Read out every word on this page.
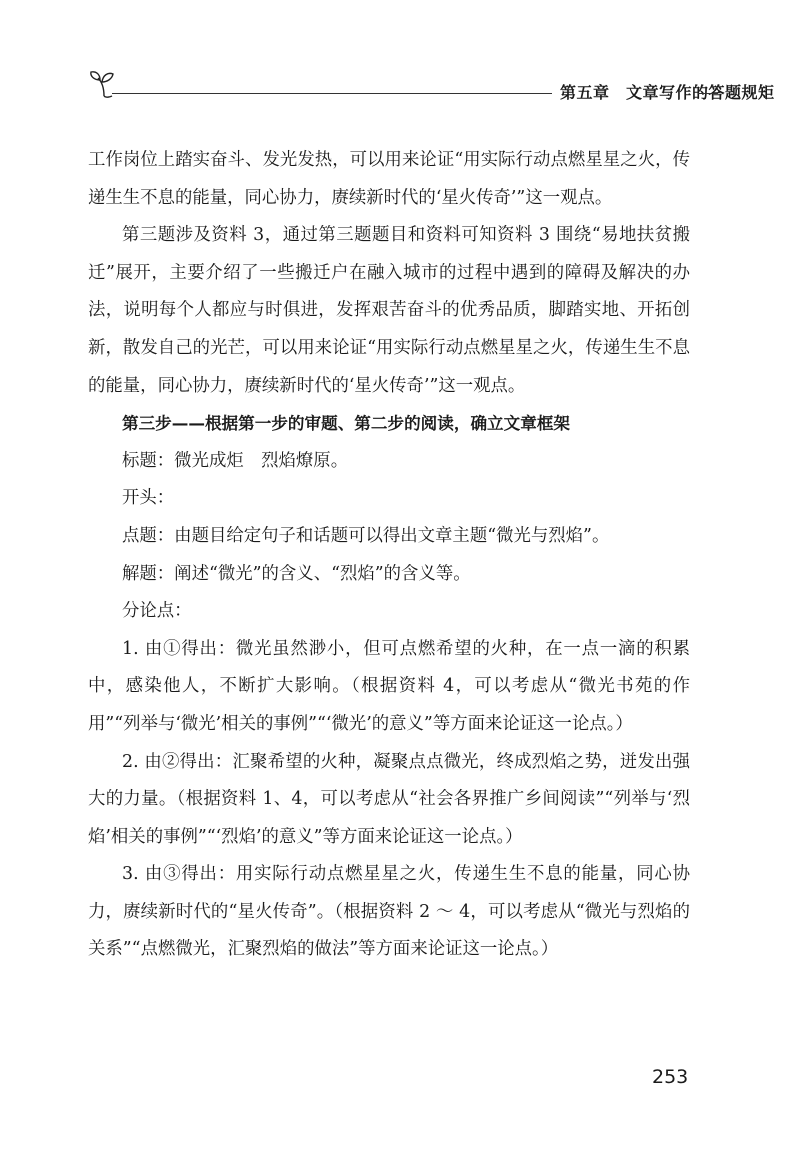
第五章　文章写作的答题规矩

工作岗位上踏实奋斗、发光发热，可以用来论证“用实际行动点燃星星之火，传递生生不息的能量，同心协力，赓续新时代的‘星火传奇’”这一观点。

第三题涉及资料 3，通过第三题题目和资料可知资料 3 围绕“易地扶贫搬迁”展开，主要介绍了一些搬迁户在融入城市的过程中遇到的障碍及解决的办法，说明每个人都应与时俱进，发挥艰苦奋斗的优秀品质，脚踏实地、开拓创新，散发自己的光芒，可以用来论证“用实际行动点燃星星之火，传递生生不息的能量，同心协力，赓续新时代的‘星火传奇’”这一观点。

第三步——根据第一步的审题、第二步的阅读，确立文章框架

标题：微光成炬　烈焰燎原。

开头：

点题：由题目给定句子和话题可以得出文章主题“微光与烈焰”。

解题：阐述“微光”的含义、“烈焰”的含义等。

分论点：

1. 由①得出：微光虽然渺小，但可点燃希望的火种，在一点一滴的积累中，感染他人，不断扩大影响。（根据资料 4，可以考虑从“微光书苑的作用”“列举与‘微光’相关的事例”“‘微光’的意义”等方面来论证这一论点。）

2. 由②得出：汇聚希望的火种，凝聚点点微光，终成烈焰之势，迸发出强大的力量。（根据资料 1、4，可以考虑从“社会各界推广乡间阅读”“列举与‘烈焰’相关的事例”“‘烈焰’的意义”等方面来论证这一论点。）

3. 由③得出：用实际行动点燃星星之火，传递生生不息的能量，同心协力，赓续新时代的“星火传奇”。（根据资料 2 ～ 4，可以考虑从“微光与烈焰的关系”“点燃微光，汇聚烈焰的做法”等方面来论证这一论点。）

253
